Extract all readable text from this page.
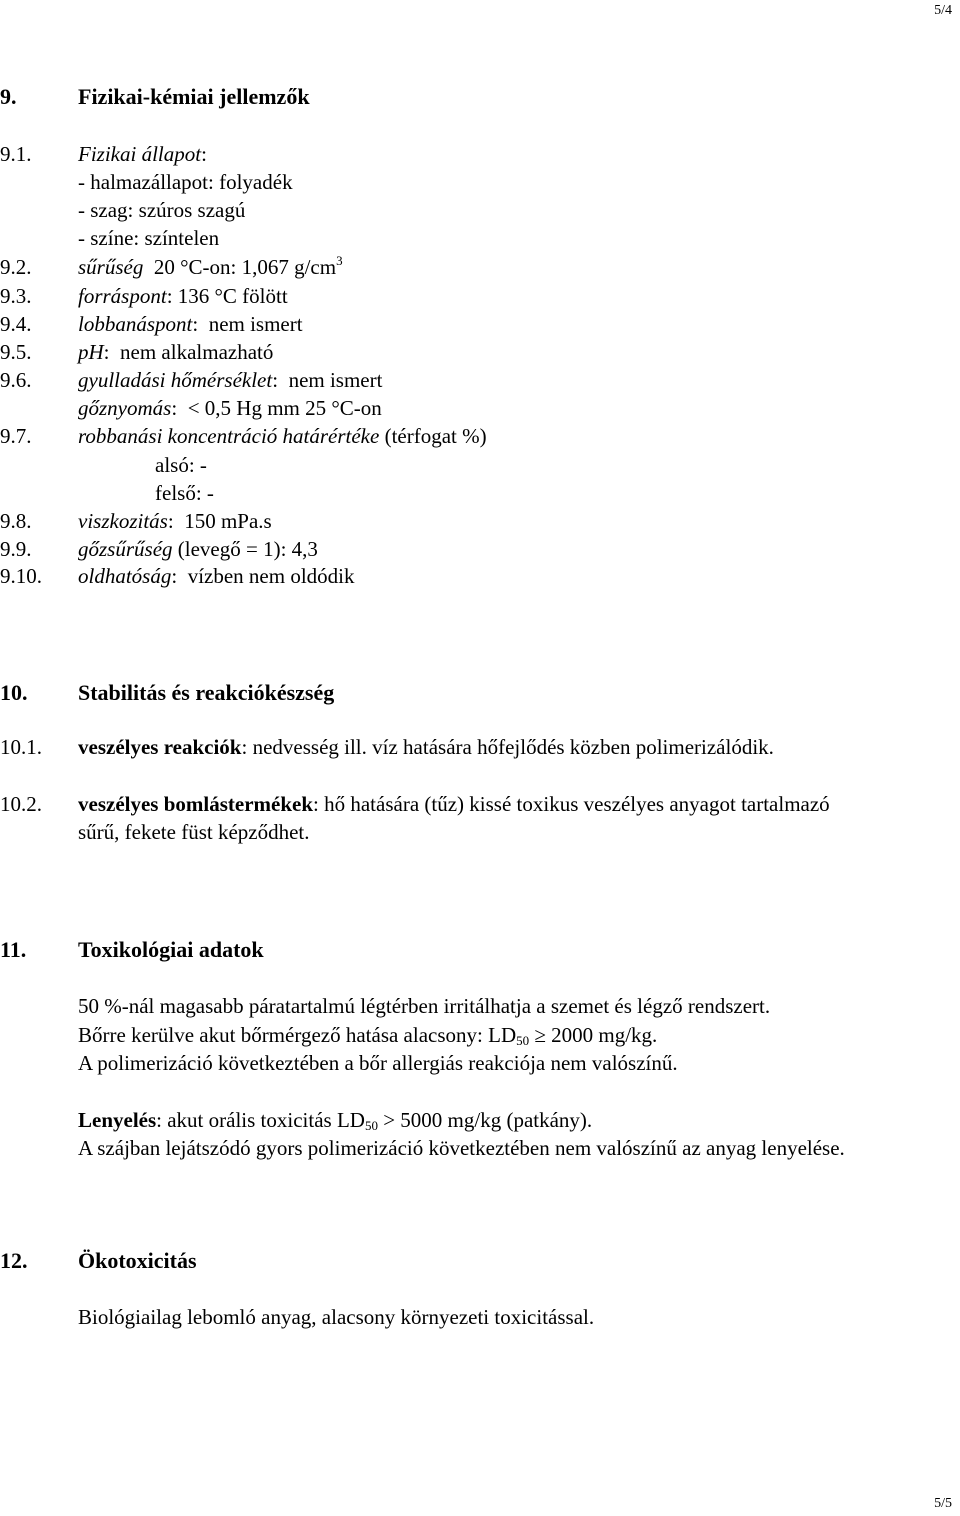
5/4
9.	Fizikai-kémiai jellemzők
9.1. Fizikai állapot:
- halmazállapot: folyadék
- szag: szúros szagú
- színe: színtelen
9.2. sűrűség 20 °C-on: 1,067 $g/cm^3$
9.3. forráspont: 136 °C fölött
9.4. lobbanáspont:  nem ismert
9.5. pH:  nem alkalmazható
9.6. gyulladási hőmérséklet:  nem ismert
gőznyomás:  < 0,5 Hg mm 25 °C-on
9.7. robbanási koncentráció határértéke (térfogat %)
alsó: -
felső: -
9.8. viszkozitás:  150 mPa.s
9.9. gőzsűrűség (levegő = 1): 4,3
9.10. oldhatóság:  vízben nem oldódik
10. Stabilitás és reakciókészség
10.1. veszélyes reakciók: nedvesség ill. víz hatására hőfejlődés közben polimerizálódik.
10.2. veszélyes bomlástermékek: hő hatására (tűz) kissé toxikus veszélyes anyagot tartalmazó
sűrű, fekete füst képződhet.
11. Toxikológiai adatok
50 %-nál magasabb páratartalmú légtérben irritálhatja a szemet és légző rendszert.
Bőrre kerülve akut bőrmérgező hatása alacsony: $LD_{50} \ge 2000$ mg/kg.
A polimerizáció következtében a bőr allergiás reakciója nem valószínű.
Lenyelés: akut orális toxicitás $LD_{50} > 5000$ mg/kg (patkány).
A szájban lejátszódó gyors polimerizáció következtében nem valószínű az anyag lenyelése.
12. Ökotoxicitás
Biológiailag lebomló anyag, alacsony környezeti toxicitással.
5/5
